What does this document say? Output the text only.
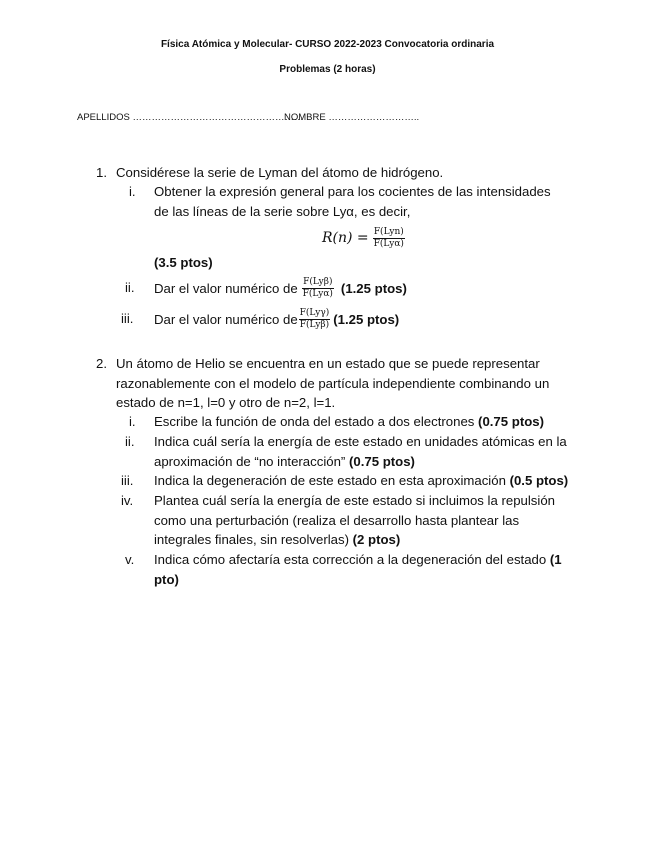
Física Atómica y Molecular- CURSO 2022-2023 Convocatoria ordinaria
Problemas (2 horas)
APELLIDOS ………………………………………………
NOMBRE ………………………..
1. Considérese la serie de Lyman del átomo de hidrógeno.
i. Obtener la expresión general para los cocientes de las intensidades
de las líneas de la serie sobre Lyα, es decir,
$R(n) = \frac{\text{F(Lyn)}}{\text{F(Lyα)}}$
(3.5 ptos)
ii. Dar el valor numérico de $\frac{\text{F(Lyβ)}}{\text{F(Lyα)}} (1.25$ ptos)
iii. Dar el valor numérico de $\frac{\text{F(Lyγ)}}{\text{F(Lyβ)}} (1.25$ ptos)
2. Un átomo de Helio se encuentra en un estado que se puede representar
razonablemente con el modelo de partícula independiente combinando un
estado de n=1, l=0 y otro de n=2, l=1.
i. Escribe la función de onda del estado a dos electrones (0.75 ptos)
ii. Indica cuál sería la energía de este estado en unidades atómicas en la
aproximación de “no interacción” (0.75 ptos)
iii. Indica la degeneración de este estado en esta aproximación (0.5 ptos)
iv. Plantea cuál sería la energía de este estado si incluimos la repulsión
como una perturbación (realiza el desarrollo hasta plantear las
integrales finales, sin resolverlas) (2 ptos)
v. Indica cómo afectaría esta corrección a la degeneración del estado (1
pto)
